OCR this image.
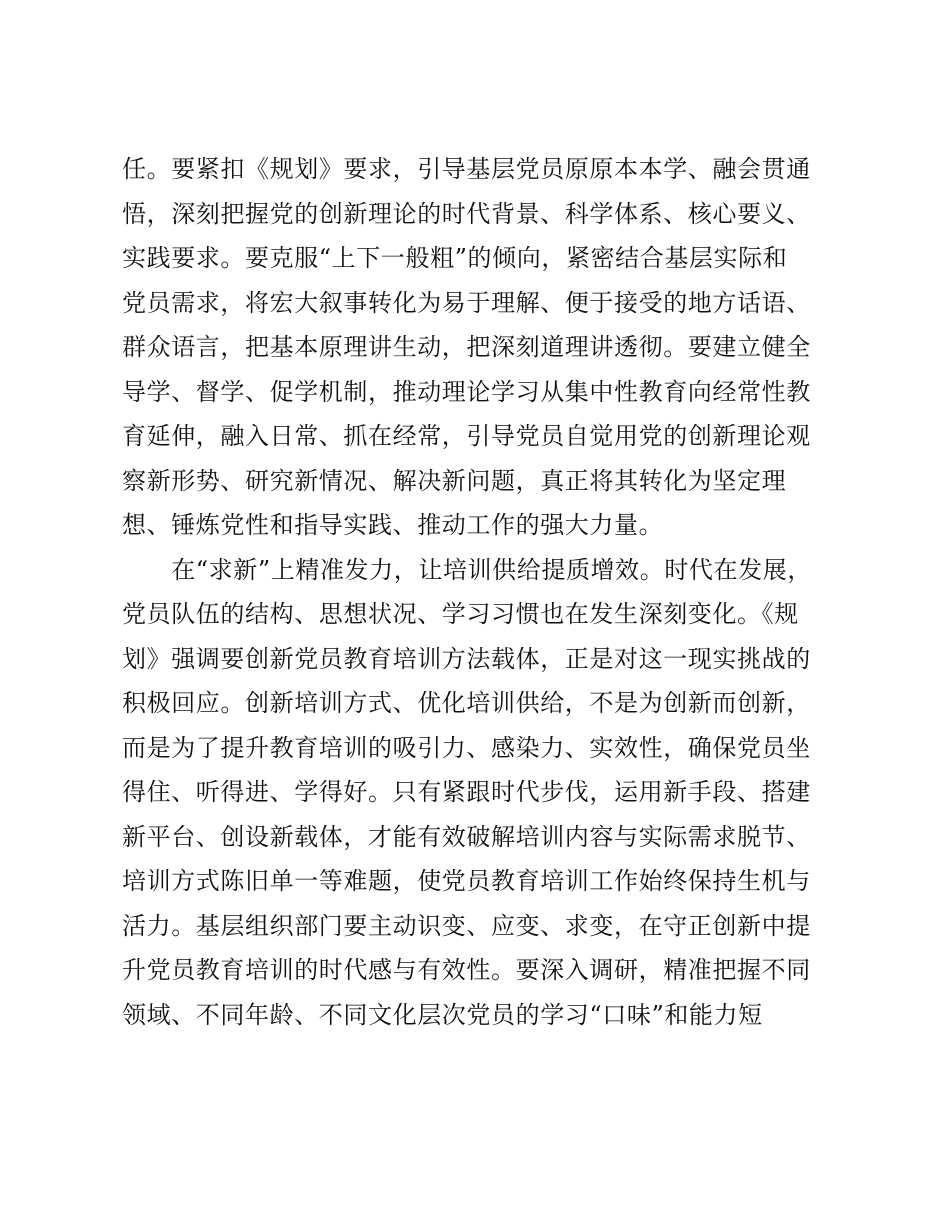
任。要紧扣《规划》要求，引导基层党员原原本本学、融会贯通
悟，深刻把握党的创新理论的时代背景、科学体系、核心要义、
实践要求。要克服“上下一般粗”的倾向，紧密结合基层实际和
党员需求，将宏大叙事转化为易于理解、便于接受的地方话语、
群众语言，把基本原理讲生动，把深刻道理讲透彻。要建立健全
导学、督学、促学机制，推动理论学习从集中性教育向经常性教
育延伸，融入日常、抓在经常，引导党员自觉用党的创新理论观
察新形势、研究新情况、解决新问题，真正将其转化为坚定理
想、锤炼党性和指导实践、推动工作的强大力量。
　　在“求新”上精准发力，让培训供给提质增效。时代在发展，
党员队伍的结构、思想状况、学习习惯也在发生深刻变化。《规
划》强调要创新党员教育培训方法载体，正是对这一现实挑战的
积极回应。创新培训方式、优化培训供给，不是为创新而创新，
而是为了提升教育培训的吸引力、感染力、实效性，确保党员坐
得住、听得进、学得好。只有紧跟时代步伐，运用新手段、搭建
新平台、创设新载体，才能有效破解培训内容与实际需求脱节、
培训方式陈旧单一等难题，使党员教育培训工作始终保持生机与
活力。基层组织部门要主动识变、应变、求变，在守正创新中提
升党员教育培训的时代感与有效性。要深入调研，精准把握不同
领域、不同年龄、不同文化层次党员的学习“口味”和能力短
